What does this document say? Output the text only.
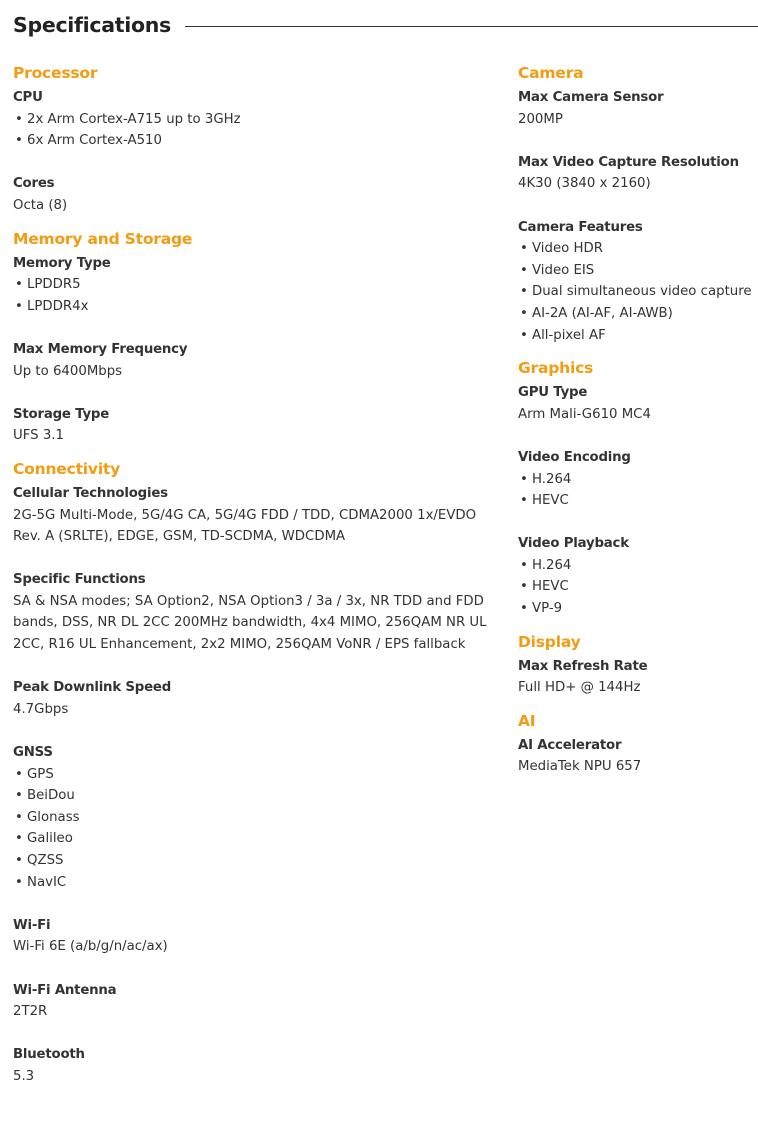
Specifications
Processor
CPU
• 2x Arm Cortex-A715 up to 3GHz
• 6x Arm Cortex-A510
Cores
Octa (8)
Memory and Storage
Memory Type
• LPDDR5
• LPDDR4x
Max Memory Frequency
Up to 6400Mbps
Storage Type
UFS 3.1
Connectivity
Cellular Technologies
2G-5G Multi-Mode, 5G/4G CA, 5G/4G FDD / TDD, CDMA2000 1x/EVDO
Rev. A (SRLTE), EDGE, GSM, TD-SCDMA, WDCDMA
Specific Functions
SA & NSA modes; SA Option2, NSA Option3 / 3a / 3x, NR TDD and FDD
bands, DSS, NR DL 2CC 200MHz bandwidth, 4x4 MIMO, 256QAM NR UL
2CC, R16 UL Enhancement, 2x2 MIMO, 256QAM VoNR / EPS fallback
Peak Downlink Speed
4.7Gbps
GNSS
• GPS
• BeiDou
• Glonass
• Galileo
• QZSS
• NavIC
Wi-Fi
Wi-Fi 6E (a/b/g/n/ac/ax)
Wi-Fi Antenna
2T2R
Bluetooth
5.3
Camera
Max Camera Sensor
200MP
Max Video Capture Resolution
4K30 (3840 x 2160)
Camera Features
• Video HDR
• Video EIS
• Dual simultaneous video capture
• AI-2A (AI-AF, AI-AWB)
• All-pixel AF
Graphics
GPU Type
Arm Mali-G610 MC4
Video Encoding
• H.264
• HEVC
Video Playback
• H.264
• HEVC
• VP-9
Display
Max Refresh Rate
Full HD+ @ 144Hz
AI
AI Accelerator
MediaTek NPU 657
